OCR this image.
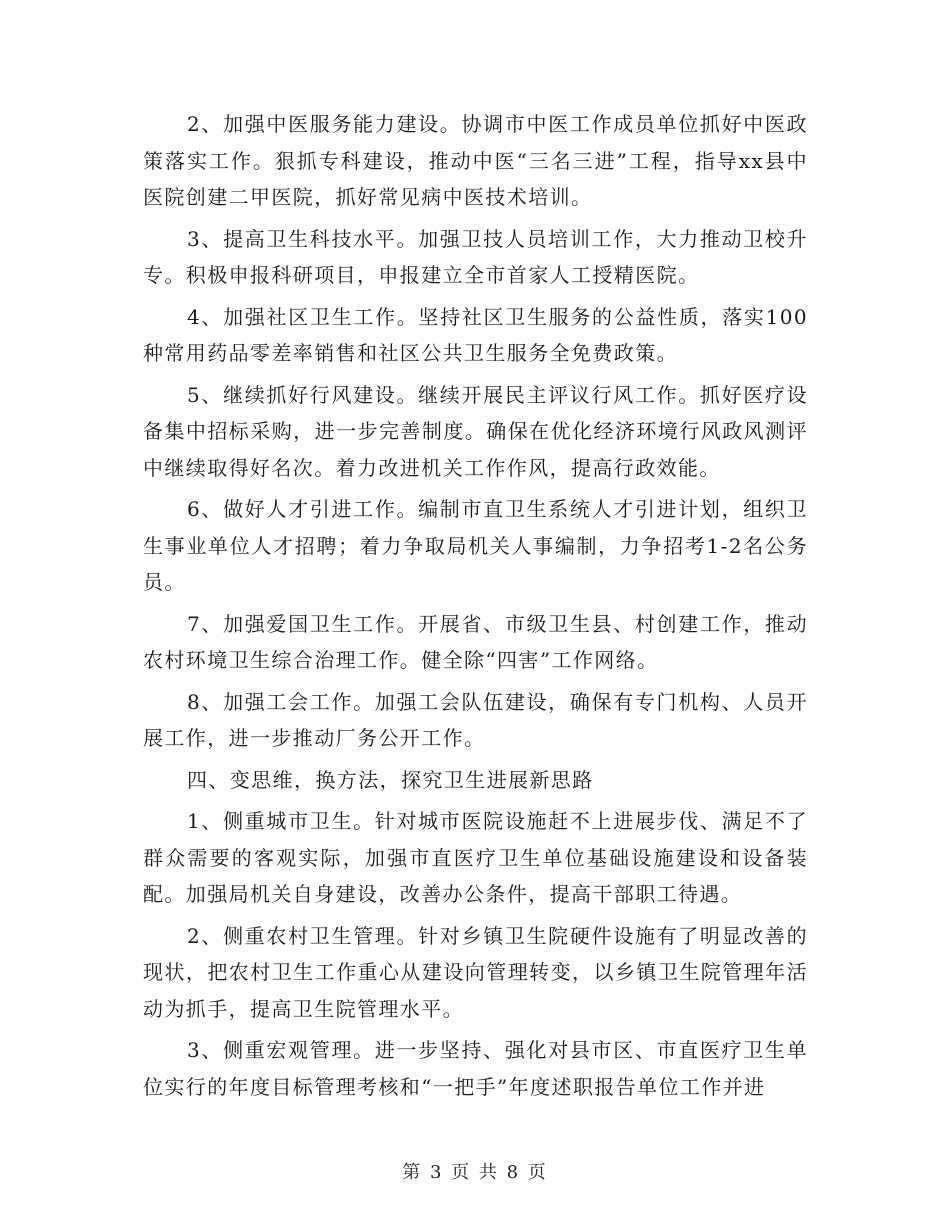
2、加强中医服务能力建设。协调市中医工作成员单位抓好中医政策落实工作。狠抓专科建设，推动中医“三名三进”工程，指导xx县中医院创建二甲医院，抓好常见病中医技术培训。

3、提高卫生科技水平。加强卫技人员培训工作，大力推动卫校升专。积极申报科研项目，申报建立全市首家人工授精医院。

4、加强社区卫生工作。坚持社区卫生服务的公益性质，落实100种常用药品零差率销售和社区公共卫生服务全免费政策。

5、继续抓好行风建设。继续开展民主评议行风工作。抓好医疗设备集中招标采购，进一步完善制度。确保在优化经济环境行风政风测评中继续取得好名次。着力改进机关工作作风，提高行政效能。

6、做好人才引进工作。编制市直卫生系统人才引进计划，组织卫生事业单位人才招聘；着力争取局机关人事编制，力争招考1-2名公务员。

7、加强爱国卫生工作。开展省、市级卫生县、村创建工作，推动农村环境卫生综合治理工作。健全除“四害”工作网络。

8、加强工会工作。加强工会队伍建设，确保有专门机构、人员开展工作，进一步推动厂务公开工作。

四、变思维，换方法，探究卫生进展新思路

1、侧重城市卫生。针对城市医院设施赶不上进展步伐、满足不了群众需要的客观实际，加强市直医疗卫生单位基础设施建设和设备装配。加强局机关自身建设，改善办公条件，提高干部职工待遇。

2、侧重农村卫生管理。针对乡镇卫生院硬件设施有了明显改善的现状，把农村卫生工作重心从建设向管理转变，以乡镇卫生院管理年活动为抓手，提高卫生院管理水平。

3、侧重宏观管理。进一步坚持、强化对县市区、市直医疗卫生单位实行的年度目标管理考核和“一把手”年度述职报告单位工作并进

第 3 页 共 8 页
